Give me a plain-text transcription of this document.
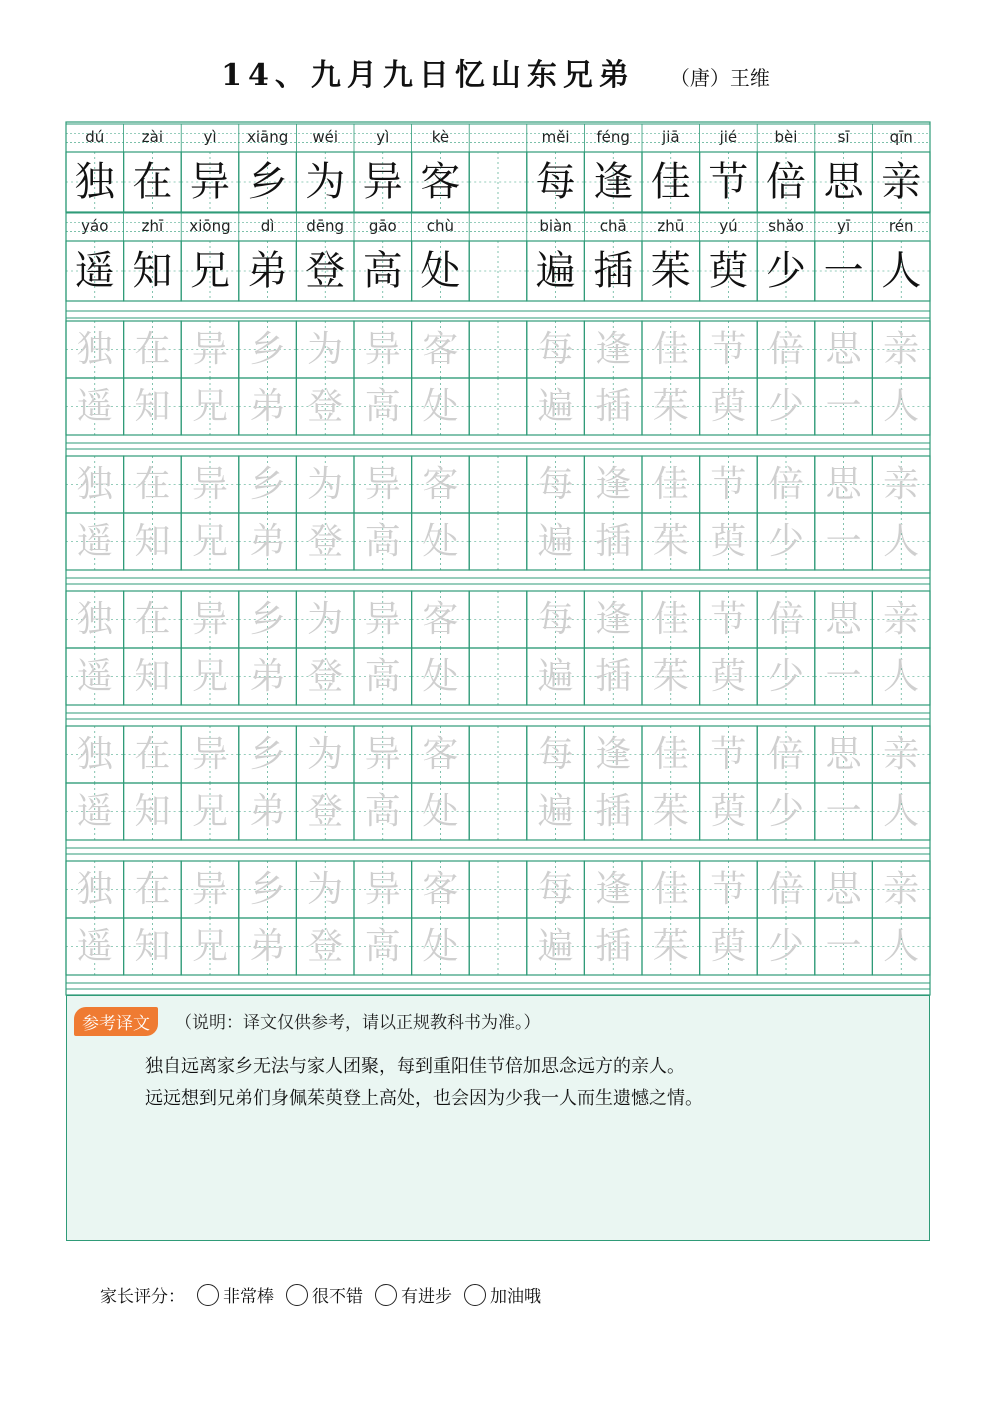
14、九月九日忆山东兄弟 （唐）王维
dú	zài	yì	xiāng	wéi	yì	kè	měi	féng	jiā	jié	bèi	sī	qīn
独 在 异 乡 为 异 客 每 逢 佳 节 倍 思 亲
yáo	zhī	xiōng	dì	dēng	gāo	chù	biàn	chā	zhū	yú	shǎo	yī	rén
遥 知 兄 弟 登 高 处 遍 插 茱 萸 少 一 人
独 在 异 乡 为 异 客 每 逢 佳 节 倍 思 亲
遥 知 兄 弟 登 高 处 遍 插 茱 萸 少 一 人
独 在 异 乡 为 异 客 每 逢 佳 节 倍 思 亲
遥 知 兄 弟 登 高 处 遍 插 茱 萸 少 一 人
独 在 异 乡 为 异 客 每 逢 佳 节 倍 思 亲
遥 知 兄 弟 登 高 处 遍 插 茱 萸 少 一 人
独 在 异 乡 为 异 客 每 逢 佳 节 倍 思 亲
遥 知 兄 弟 登 高 处 遍 插 茱 萸 少 一 人
独 在 异 乡 为 异 客 每 逢 佳 节 倍 思 亲
遥 知 兄 弟 登 高 处 遍 插 茱 萸 少 一 人
参考译文	（说明：译文仅供参考，请以正规教科书为准。）
独自远离家乡无法与家人团聚，每到重阳佳节倍加思念远方的亲人。
远远想到兄弟们身佩茱萸登上高处，也会因为少我一人而生遗憾之情。
家长评分： 非常棒 很不错 有进步 加油哦
